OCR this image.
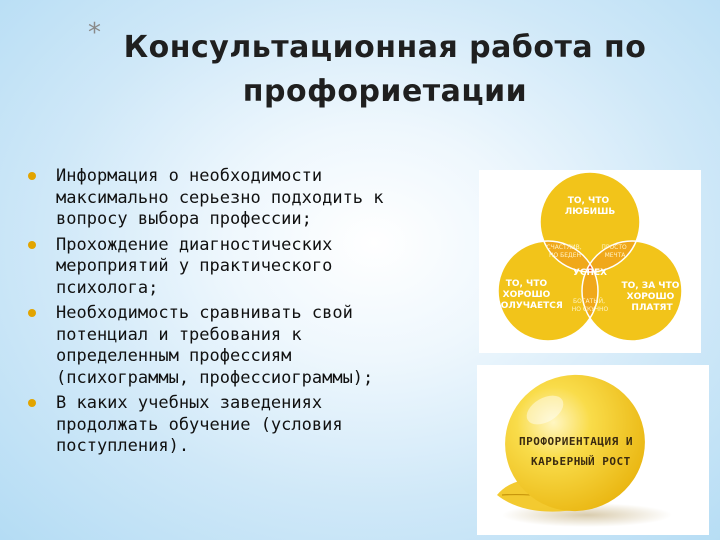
* Консультационная работа по профориетации
Информация о необходимости максимально серьезно подходить к вопросу выбора профессии;
Прохождение диагностических мероприятий у практического психолога;
Необходимость сравнивать свой потенциал и требования к определенным профессиям (психограммы, профессиограммы);
В каких учебных заведениях продолжать обучение (условия поступления).
ТО, ЧТО ЛЮБИШЬ
ТО, ЧТО ХОРОШО ПОЛУЧАЕТСЯ
ТО, ЗА ЧТО ХОРОШО ПЛАТЯТ
СЧАСТЛИВ, НО БЕДЕН
ПРОСТО МЕЧТА
БОГАТЫЙ, НО СКУЧНО
УСПЕХ
ПРОФОРИЕНТАЦИЯ И
КАРЬЕРНЫЙ РОСТ
